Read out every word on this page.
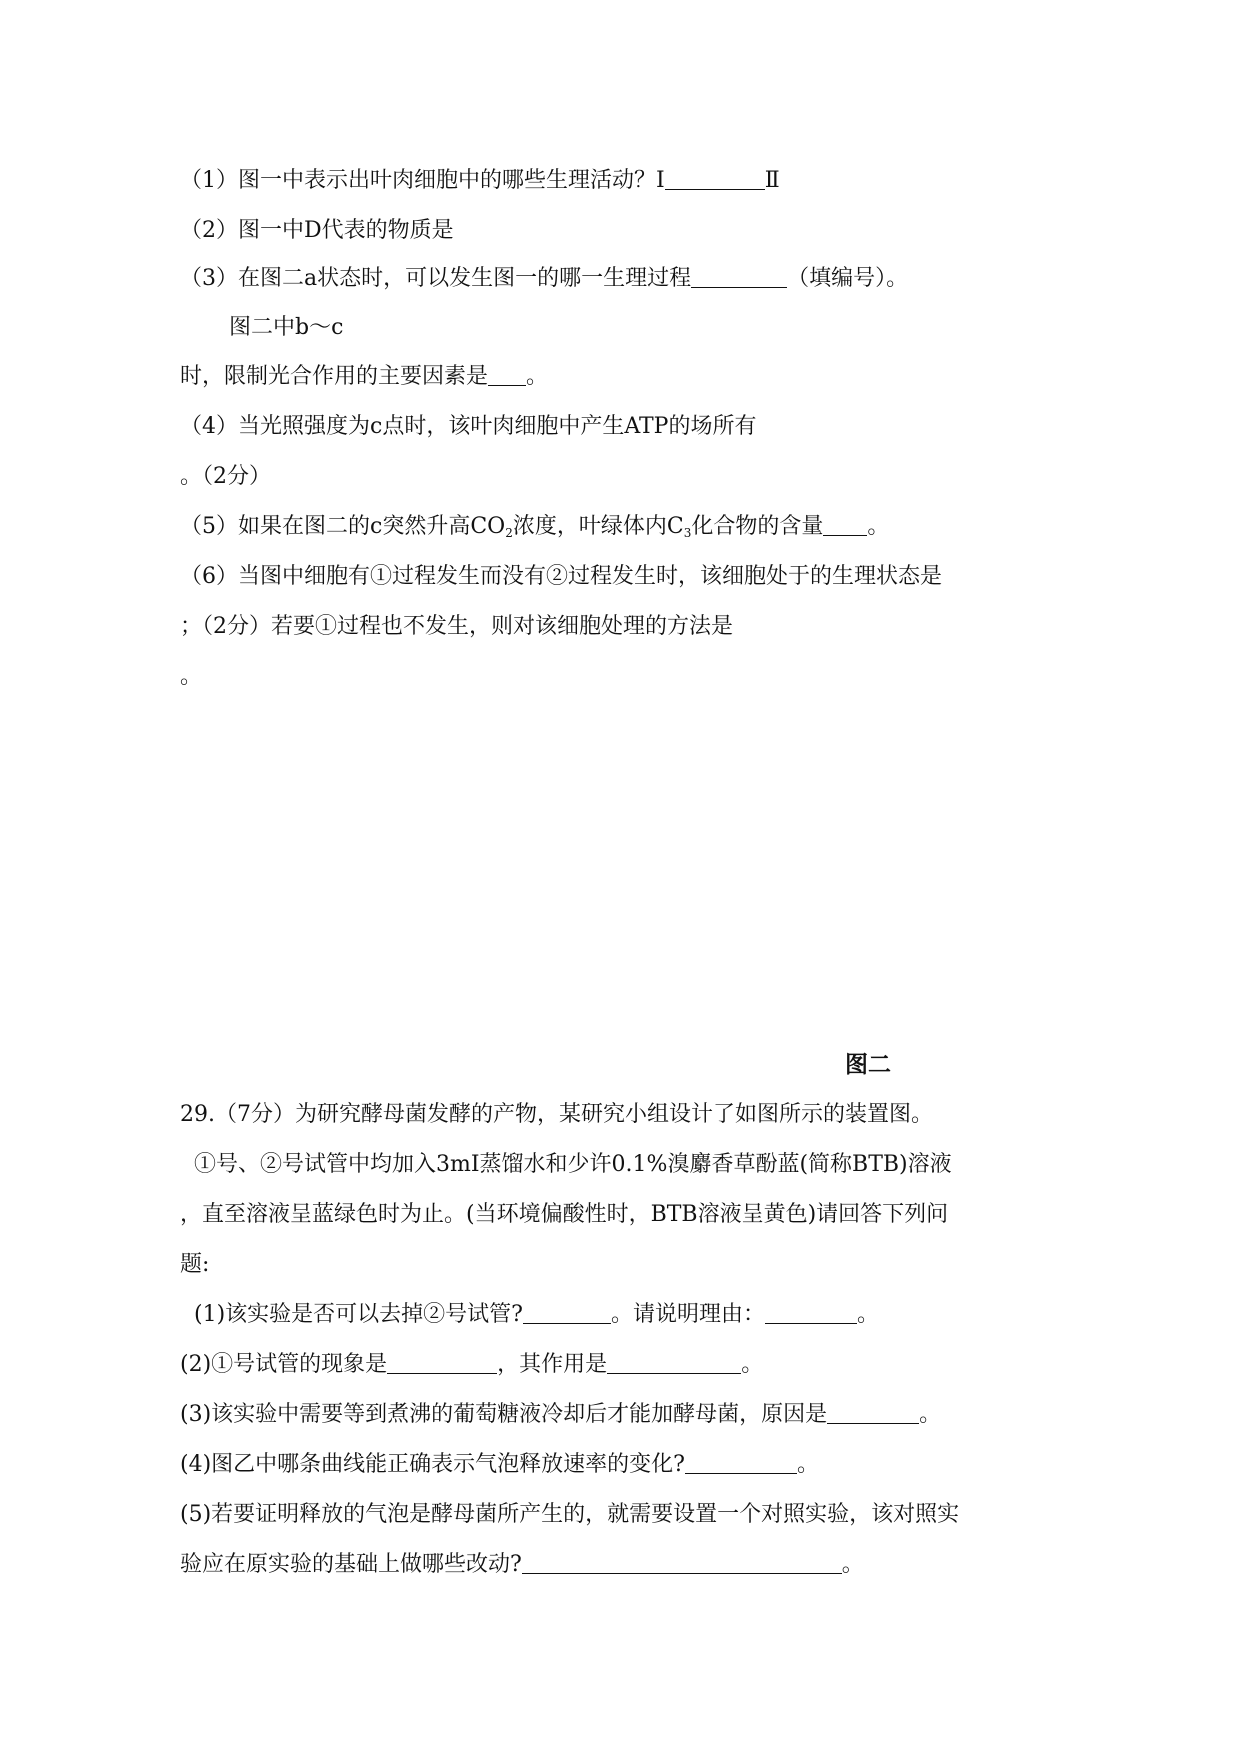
（1）图一中表示出叶肉细胞中的哪些生理活动？Ⅰ	Ⅱ
（2）图一中D代表的物质是
（3）在图二a状态时，可以发生图一的哪一生理过程	（填编号）。
图二中b～c
时，限制光合作用的主要因素是 。
（4）当光照强度为c点时，该叶肉细胞中产生ATP的场所有
。（2分）
（5）如果在图二的c突然升高$CO_2$浓度，叶绿体内$C_3$化合物的含量 。
（6）当图中细胞有①过程发生而没有②过程发生时，该细胞处于的生理状态是
；（2分）若要①过程也不发生，则对该细胞处理的方法是
。
图二
29.（7分）为研究酵母菌发酵的产物，某研究小组设计了如图所示的装置图。
①号、②号试管中均加入3mI蒸馏水和少许0.1%溴麝香草酚蓝(简称BTB)溶液
，直至溶液呈蓝绿色时为止。(当环境偏酸性时，BTB溶液呈黄色)请回答下列问
题:
(1)该实验是否可以去掉②号试管?	。请说明理由：	。
(2)①号试管的现象是	，其作用是	。
(3)该实验中需要等到煮沸的葡萄糖液冷却后才能加酵母菌，原因是	。
(4)图乙中哪条曲线能正确表示气泡释放速率的变化?	。
(5)若要证明释放的气泡是酵母菌所产生的，就需要设置一个对照实验，该对照实
验应在原实验的基础上做哪些改动?	。
